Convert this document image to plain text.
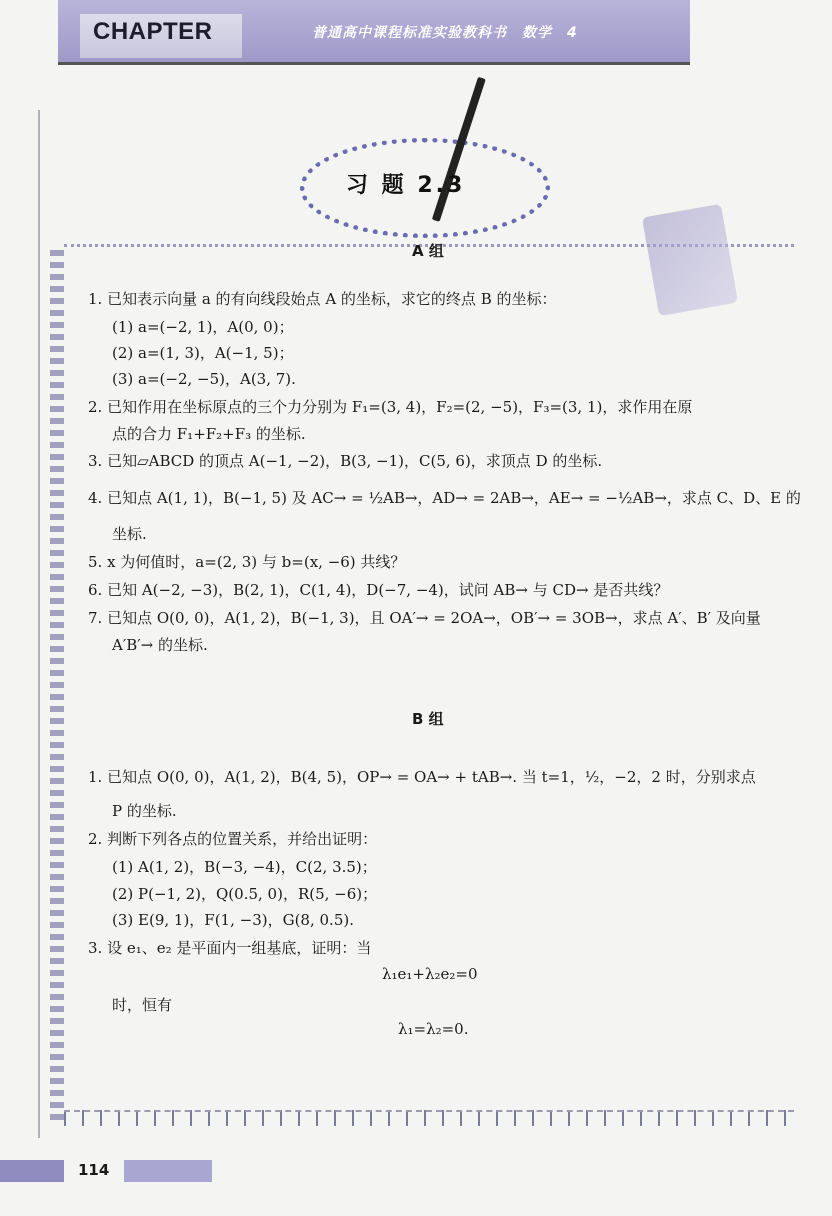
CHAPTER	普通高中课程标准实验教科书　数学　4
习 题 2.3
A 组
1. 已知表示向量 a 的有向线段始点 A 的坐标，求它的终点 B 的坐标：
(1) a=(−2, 1)，A(0, 0)；
(2) a=(1, 3)，A(−1, 5)；
(3) a=(−2, −5)，A(3, 7).
2. 已知作用在坐标原点的三个力分别为 F₁=(3, 4)，F₂=(2, −5)，F₃=(3, 1)，求作用在原
点的合力 F₁+F₂+F₃ 的坐标.
3. 已知▱ABCD 的顶点 A(−1, −2)，B(3, −1)，C(5, 6)，求顶点 D 的坐标.
4. 已知点 A(1, 1)，B(−1, 5) 及 AC→ = ½AB→，AD→ = 2AB→，AE→ = −½AB→，求点 C、D、E 的
坐标.
5. x 为何值时，a=(2, 3) 与 b=(x, −6) 共线？
6. 已知 A(−2, −3)，B(2, 1)，C(1, 4)，D(−7, −4)，试问 AB→ 与 CD→ 是否共线？
7. 已知点 O(0, 0)，A(1, 2)，B(−1, 3)，且 OA′→ = 2OA→，OB′→ = 3OB→，求点 A′、B′ 及向量
A′B′→ 的坐标.
B 组
1. 已知点 O(0, 0)，A(1, 2)，B(4, 5)，OP→ = OA→ + tAB→. 当 t=1，½，−2，2 时，分别求点
P 的坐标.
2. 判断下列各点的位置关系，并给出证明：
(1) A(1, 2)，B(−3, −4)，C(2, 3.5)；
(2) P(−1, 2)，Q(0.5, 0)，R(5, −6)；
(3) E(9, 1)，F(1, −3)，G(8, 0.5).
3. 设 e₁、e₂ 是平面内一组基底，证明：当
λ₁e₁+λ₂e₂=0
时，恒有
λ₁=λ₂=0.
114
